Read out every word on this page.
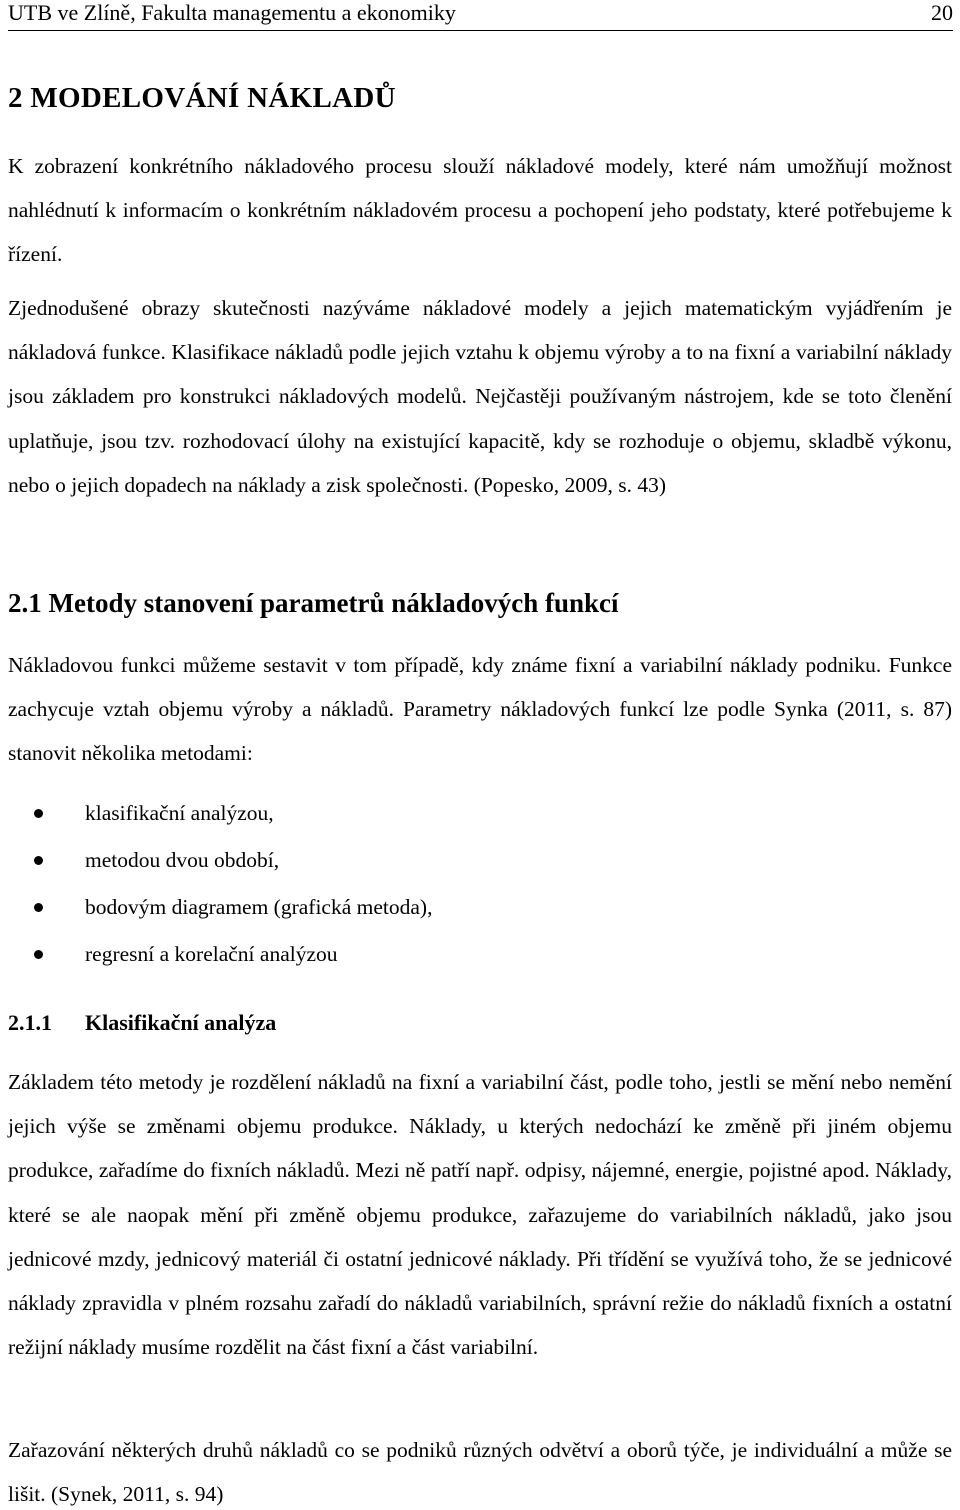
UTB ve Zlíně, Fakulta managementu a ekonomiky	20
2 MODELOVÁNÍ NÁKLADŮ

K zobrazení konkrétního nákladového procesu slouží nákladové modely, které nám umožňují možnost nahlédnutí k informacím o konkrétním nákladovém procesu a pochopení jeho podstaty, které potřebujeme k řízení.

Zjednodušené obrazy skutečnosti nazýváme nákladové modely a jejich matematickým vyjádřením je nákladová funkce. Klasifikace nákladů podle jejich vztahu k objemu výroby a to na fixní a variabilní náklady jsou základem pro konstrukci nákladových modelů. Nejčastěji používaným nástrojem, kde se toto členění uplatňuje, jsou tzv. rozhodovací úlohy na existující kapacitě, kdy se rozhoduje o objemu, skladbě výkonu, nebo o jejich dopadech na náklady a zisk společnosti. (Popesko, 2009, s. 43)

2.1 Metody stanovení parametrů nákladových funkcí

Nákladovou funkci můžeme sestavit v tom případě, kdy známe fixní a variabilní náklady podniku. Funkce zachycuje vztah objemu výroby a nákladů. Parametry nákladových funkcí lze podle Synka (2011, s. 87) stanovit několika metodami:

klasifikační analýzou,
metodou dvou období,
bodovým diagramem (grafická metoda),
regresní a korelační analýzou
2.1.1 Klasifikační analýza

Základem této metody je rozdělení nákladů na fixní a variabilní část, podle toho, jestli se mění nebo nemění jejich výše se změnami objemu produkce. Náklady, u kterých nedochází ke změně při jiném objemu produkce, zařadíme do fixních nákladů. Mezi ně patří např. odpisy, nájemné, energie, pojistné apod. Náklady, které se ale naopak mění při změně objemu produkce, zařazujeme do variabilních nákladů, jako jsou jednicové mzdy, jednicový materiál či ostatní jednicové náklady. Při třídění se využívá toho, že se jednicové náklady zpravidla v plném rozsahu zařadí do nákladů variabilních, správní režie do nákladů fixních a ostatní režijní náklady musíme rozdělit na část fixní a část variabilní.

Zařazování některých druhů nákladů co se podniků různých odvětví a oborů týče, je individuální a může se lišit. (Synek, 2011, s. 94)
